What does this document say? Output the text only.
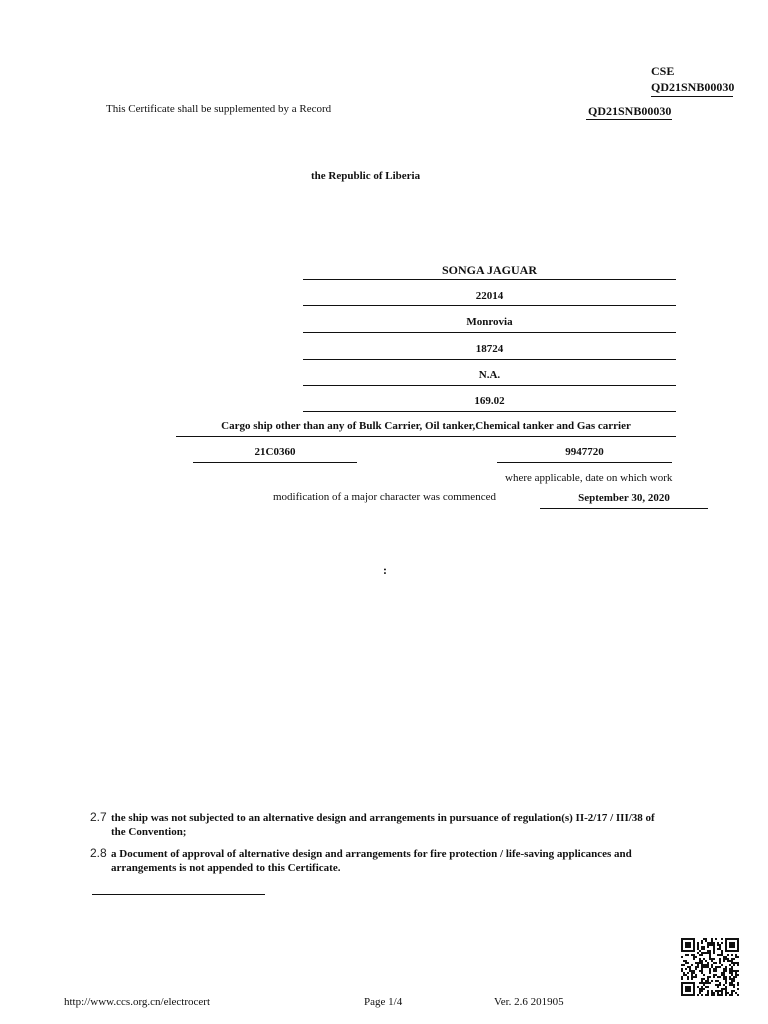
CSE
QD21SNB00030
This Certificate shall be supplemented by a Record	QD21SNB00030
the Republic of Liberia
SONGA JAGUAR
22014
Monrovia
18724
N.A.
169.02
Cargo ship other than any of Bulk Carrier, Oil tanker,Chemical tanker and Gas carrier
21C0360	9947720
where applicable, date on which work
modification of a major character was commenced	September 30, 2020
:
2.7 the ship was not subjected to an alternative design and arrangements in pursuance of regulation(s) II-2/17 / III/38 of
the Convention;
2.8 a Document of approval of alternative design and arrangements for fire protection / life-saving applicances and
arrangements is not appended to this Certificate.
http://www.ccs.org.cn/electrocert	Page 1/4	Ver. 2.6 201905
